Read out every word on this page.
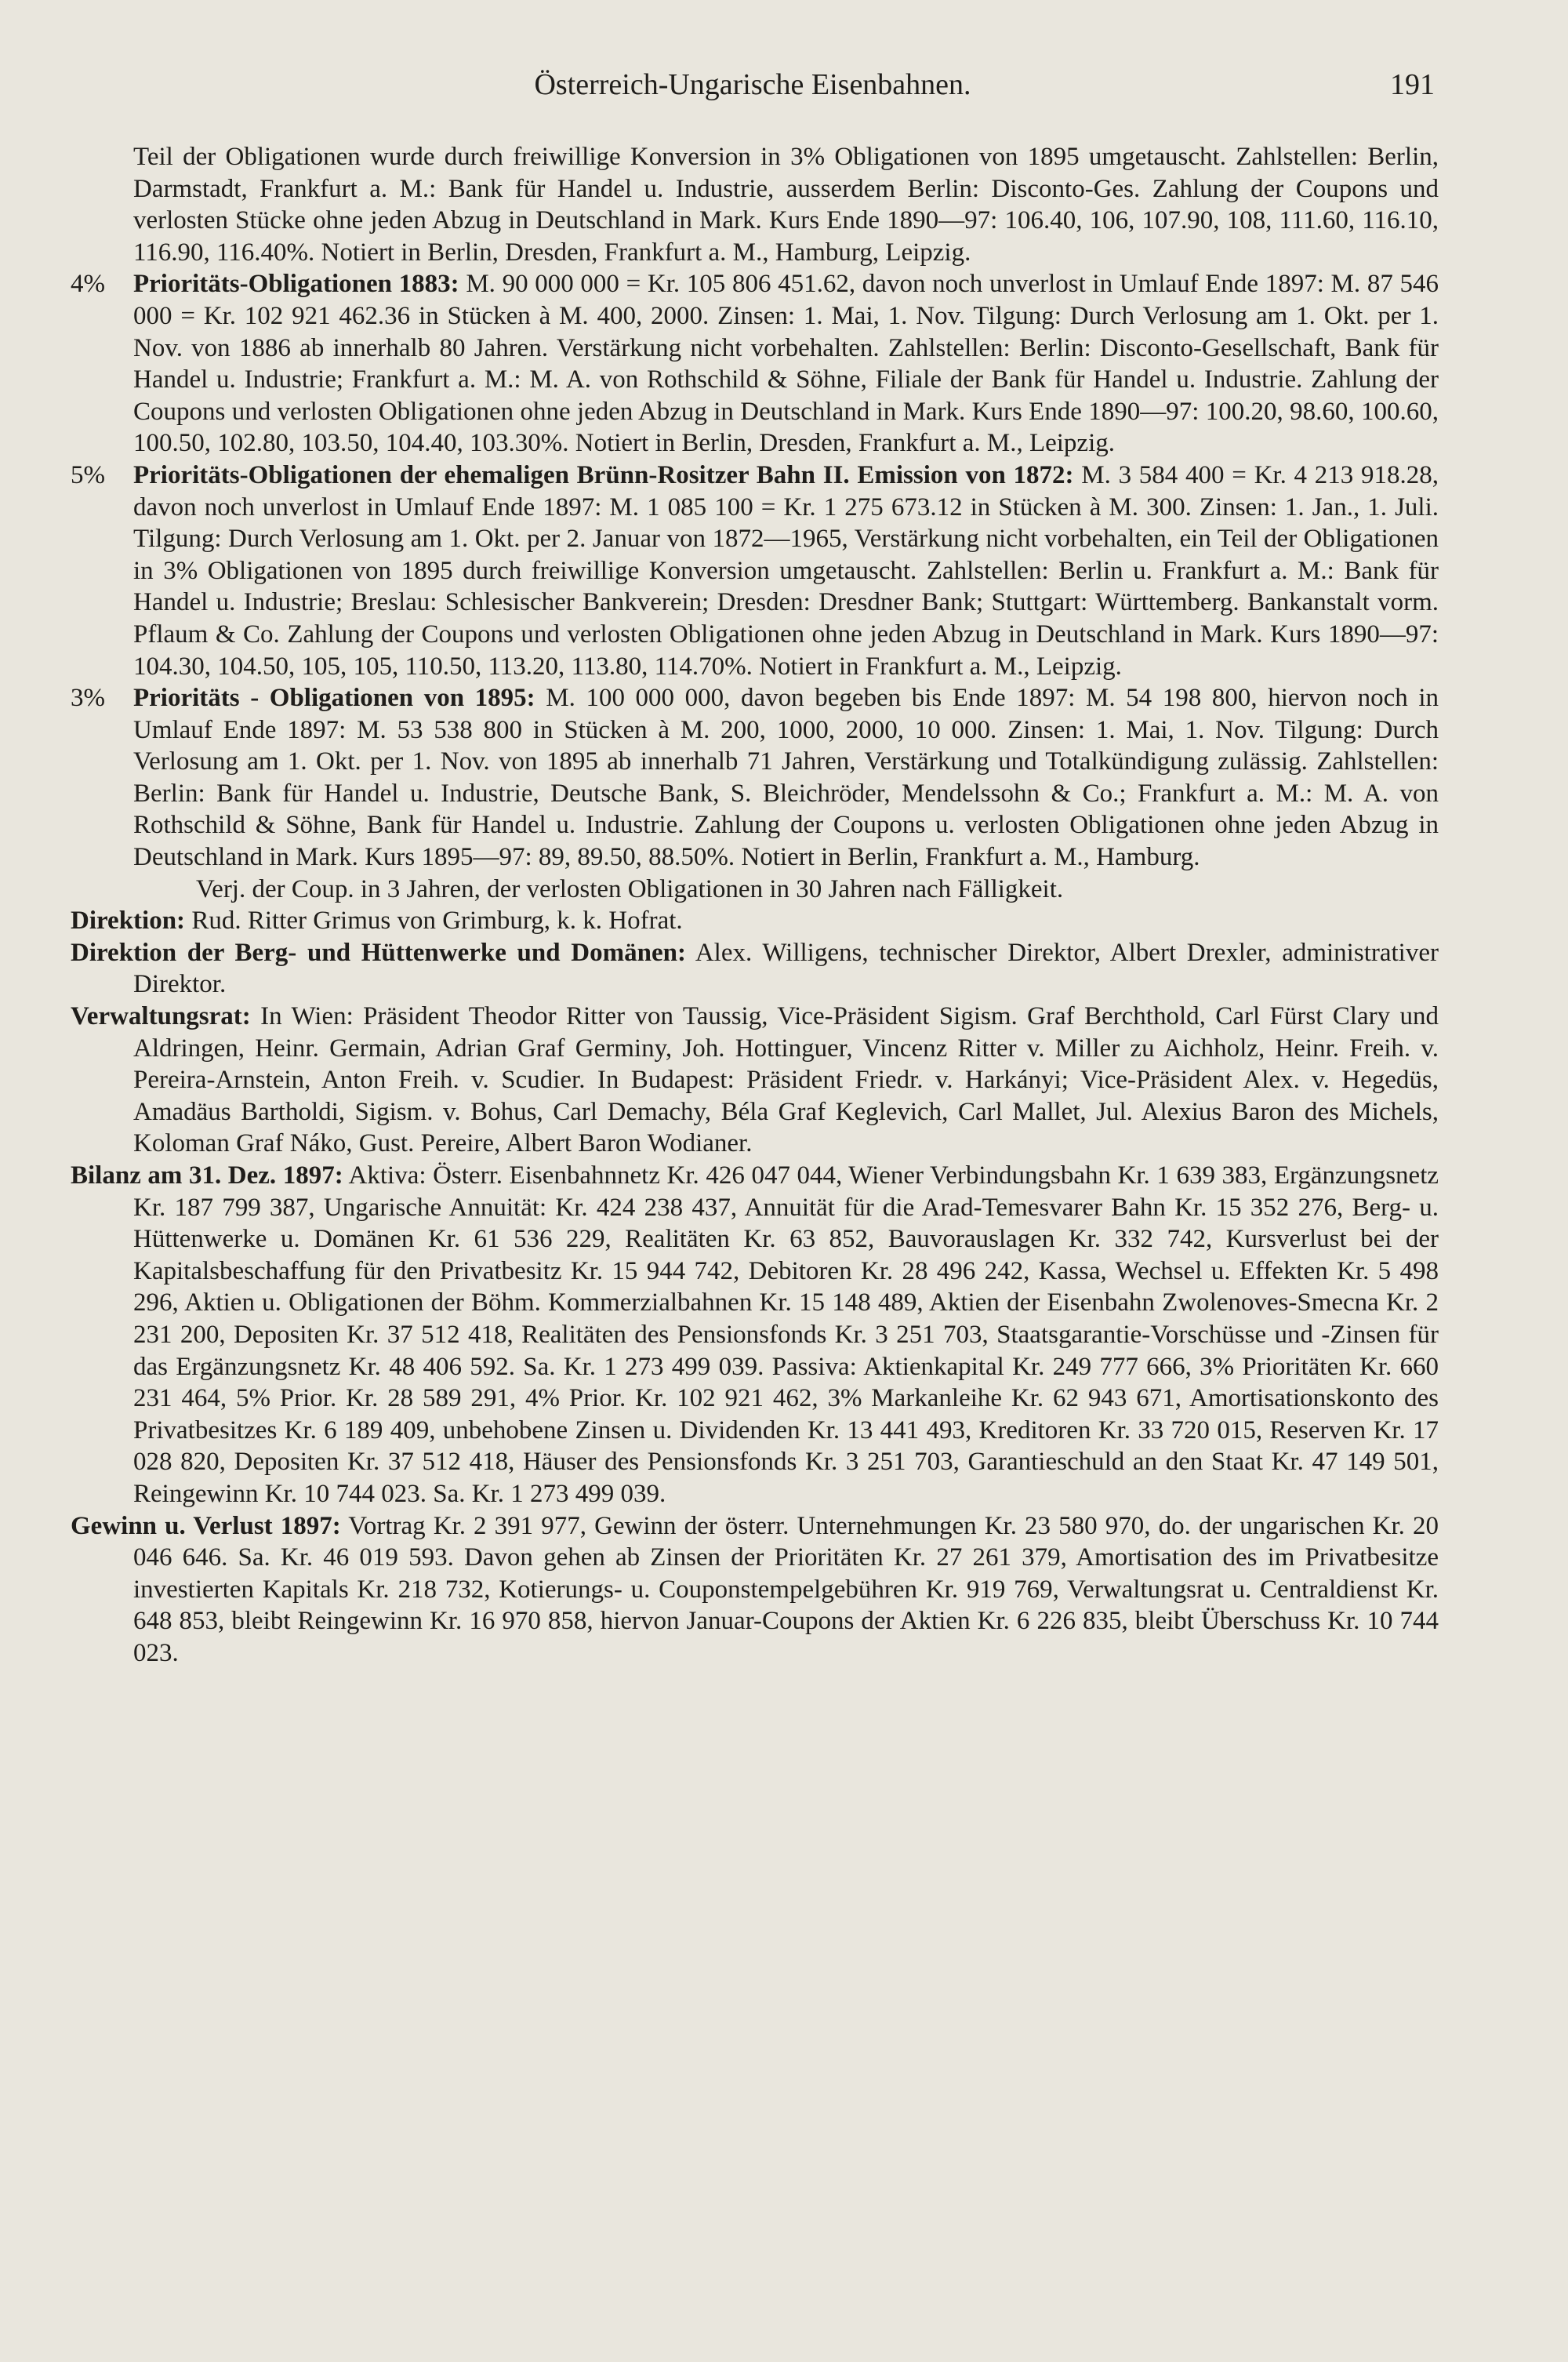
Österreich-Ungarische Eisenbahnen.	191

Teil der Obligationen wurde durch freiwillige Konversion in 3% Obligationen von 1895 umgetauscht. Zahlstellen: Berlin, Darmstadt, Frankfurt a. M.: Bank für Handel u. Industrie, ausserdem Berlin: Disconto-Ges. Zahlung der Coupons und verlosten Stücke ohne jeden Abzug in Deutschland in Mark. Kurs Ende 1890—97: 106.40, 106, 107.90, 108, 111.60, 116.10, 116.90, 116.40%. Notiert in Berlin, Dresden, Frankfurt a. M., Hamburg, Leipzig.

4% Prioritäts-Obligationen 1883: M. 90 000 000 = Kr. 105 806 451.62, davon noch unverlost in Umlauf Ende 1897: M. 87 546 000 = Kr. 102 921 462.36 in Stücken à M. 400, 2000. Zinsen: 1. Mai, 1. Nov. Tilgung: Durch Verlosung am 1. Okt. per 1. Nov. von 1886 ab innerhalb 80 Jahren. Verstärkung nicht vorbehalten. Zahlstellen: Berlin: Disconto-Gesellschaft, Bank für Handel u. Industrie; Frankfurt a. M.: M. A. von Rothschild & Söhne, Filiale der Bank für Handel u. Industrie. Zahlung der Coupons und verlosten Obligationen ohne jeden Abzug in Deutschland in Mark. Kurs Ende 1890—97: 100.20, 98.60, 100.60, 100.50, 102.80, 103.50, 104.40, 103.30%. Notiert in Berlin, Dresden, Frankfurt a. M., Leipzig.

5% Prioritäts-Obligationen der ehemaligen Brünn-Rositzer Bahn II. Emission von 1872: M. 3 584 400 = Kr. 4 213 918.28, davon noch unverlost in Umlauf Ende 1897: M. 1 085 100 = Kr. 1 275 673.12 in Stücken à M. 300. Zinsen: 1. Jan., 1. Juli. Tilgung: Durch Verlosung am 1. Okt. per 2. Januar von 1872—1965, Verstärkung nicht vorbehalten, ein Teil der Obligationen in 3% Obligationen von 1895 durch freiwillige Konversion umgetauscht. Zahlstellen: Berlin u. Frankfurt a. M.: Bank für Handel u. Industrie; Breslau: Schlesischer Bankverein; Dresden: Dresdner Bank; Stuttgart: Württemberg. Bankanstalt vorm. Pflaum & Co. Zahlung der Coupons und verlosten Obligationen ohne jeden Abzug in Deutschland in Mark. Kurs 1890—97: 104.30, 104.50, 105, 105, 110.50, 113.20, 113.80, 114.70%. Notiert in Frankfurt a. M., Leipzig.

3% Prioritäts - Obligationen von 1895: M. 100 000 000, davon begeben bis Ende 1897: M. 54 198 800, hiervon noch in Umlauf Ende 1897: M. 53 538 800 in Stücken à M. 200, 1000, 2000, 10 000. Zinsen: 1. Mai, 1. Nov. Tilgung: Durch Verlosung am 1. Okt. per 1. Nov. von 1895 ab innerhalb 71 Jahren, Verstärkung und Totalkündigung zulässig. Zahlstellen: Berlin: Bank für Handel u. Industrie, Deutsche Bank, S. Bleichröder, Mendelssohn & Co.; Frankfurt a. M.: M. A. von Rothschild & Söhne, Bank für Handel u. Industrie. Zahlung der Coupons u. verlosten Obligationen ohne jeden Abzug in Deutschland in Mark. Kurs 1895—97: 89, 89.50, 88.50%. Notiert in Berlin, Frankfurt a. M., Hamburg.

Verj. der Coup. in 3 Jahren, der verlosten Obligationen in 30 Jahren nach Fälligkeit.

Direktion: Rud. Ritter Grimus von Grimburg, k. k. Hofrat.

Direktion der Berg- und Hüttenwerke und Domänen: Alex. Willigens, technischer Direktor, Albert Drexler, administrativer Direktor.

Verwaltungsrat: In Wien: Präsident Theodor Ritter von Taussig, Vice-Präsident Sigism. Graf Berchthold, Carl Fürst Clary und Aldringen, Heinr. Germain, Adrian Graf Germiny, Joh. Hottinguer, Vincenz Ritter v. Miller zu Aichholz, Heinr. Freih. v. Pereira-Arnstein, Anton Freih. v. Scudier. In Budapest: Präsident Friedr. v. Harkányi; Vice-Präsident Alex. v. Hegedüs, Amadäus Bartholdi, Sigism. v. Bohus, Carl Demachy, Béla Graf Keglevich, Carl Mallet, Jul. Alexius Baron des Michels, Koloman Graf Náko, Gust. Pereire, Albert Baron Wodianer.

Bilanz am 31. Dez. 1897: Aktiva: Österr. Eisenbahnnetz Kr. 426 047 044, Wiener Verbindungsbahn Kr. 1 639 383, Ergänzungsnetz Kr. 187 799 387, Ungarische Annuität: Kr. 424 238 437, Annuität für die Arad-Temesvarer Bahn Kr. 15 352 276, Berg- u. Hüttenwerke u. Domänen Kr. 61 536 229, Realitäten Kr. 63 852, Bauvorauslagen Kr. 332 742, Kursverlust bei der Kapitalsbeschaffung für den Privatbesitz Kr. 15 944 742, Debitoren Kr. 28 496 242, Kassa, Wechsel u. Effekten Kr. 5 498 296, Aktien u. Obligationen der Böhm. Kommerzialbahnen Kr. 15 148 489, Aktien der Eisenbahn Zwolenoves-Smecna Kr. 2 231 200, Depositen Kr. 37 512 418, Realitäten des Pensionsfonds Kr. 3 251 703, Staatsgarantie-Vorschüsse und -Zinsen für das Ergänzungsnetz Kr. 48 406 592. Sa. Kr. 1 273 499 039. Passiva: Aktienkapital Kr. 249 777 666, 3% Prioritäten Kr. 660 231 464, 5% Prior. Kr. 28 589 291, 4% Prior. Kr. 102 921 462, 3% Markanleihe Kr. 62 943 671, Amortisationskonto des Privatbesitzes Kr. 6 189 409, unbehobene Zinsen u. Dividenden Kr. 13 441 493, Kreditoren Kr. 33 720 015, Reserven Kr. 17 028 820, Depositen Kr. 37 512 418, Häuser des Pensionsfonds Kr. 3 251 703, Garantieschuld an den Staat Kr. 47 149 501, Reingewinn Kr. 10 744 023. Sa. Kr. 1 273 499 039.

Gewinn u. Verlust 1897: Vortrag Kr. 2 391 977, Gewinn der österr. Unternehmungen Kr. 23 580 970, do. der ungarischen Kr. 20 046 646. Sa. Kr. 46 019 593. Davon gehen ab Zinsen der Prioritäten Kr. 27 261 379, Amortisation des im Privatbesitze investierten Kapitals Kr. 218 732, Kotierungs- u. Couponstempelgebühren Kr. 919 769, Verwaltungsrat u. Centraldienst Kr. 648 853, bleibt Reingewinn Kr. 16 970 858, hiervon Januar-Coupons der Aktien Kr. 6 226 835, bleibt Überschuss Kr. 10 744 023.
